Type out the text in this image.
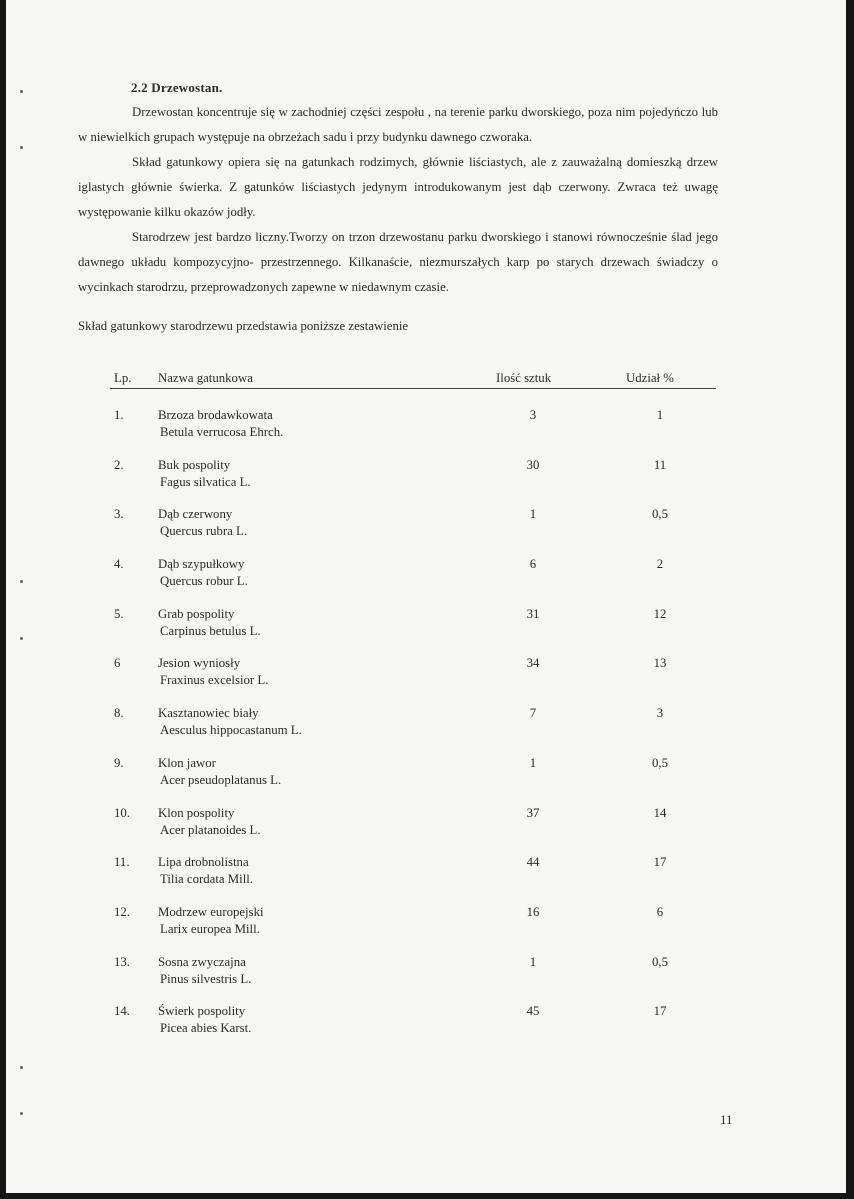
2.2 Drzewostan.

Drzewostan koncentruje się w zachodniej części zespołu , na terenie parku dworskiego, poza nim pojedyńczo lub w niewielkich grupach występuje na obrzeżach sadu i przy budynku dawnego czworaka.

Skład gatunkowy opiera się na gatunkach rodzimych, głównie liściastych, ale z zauważalną domieszką drzew iglastych głównie świerka. Z gatunków liściastych jedynym introdukowanym jest dąb czerwony. Zwraca też uwagę występowanie kilku okazów jodły.

Starodrzew jest bardzo liczny.Tworzy on trzon drzewostanu parku dworskiego i stanowi równocześnie ślad jego dawnego układu kompozycyjno- przestrzennego. Kilkanaście, niezmurszałych karp po starych drzewach świadczy o wycinkach starodrzu, przeprowadzonych zapewne w niedawnym czasie.

Skład gatunkowy starodrzewu przedstawia poniższe zestawienie
Lp. Nazwa gatunkowa	Ilość sztuk	Udział %
1.	Brzoza brodawkowata
Betula verrucosa Ehrch.
3	1
2.	Buk pospolity
Fagus silvatica L.
30	11
3.	Dąb czerwony
Quercus rubra L.
1	0,5
4.	Dąb szypułkowy
Quercus robur L.
6	2
5.	Grab pospolity
Carpinus betulus L.
31	12
6	Jesion wyniosły
Fraxinus excelsior L.
34	13
8.	Kasztanowiec biały
Aesculus hippocastanum L.
7	3
9.	Klon jawor
Acer pseudoplatanus L.
1	0,5
10. Klon pospolity
Acer platanoides L.
37	14
11. Lipa drobnolistna
Tilia cordata Mill.
44	17
12. Modrzew europejski
Larix europea Mill.
16	6
13. Sosna zwyczajna
Pinus silvestris L.
1	0,5
14. Świerk pospolity
Picea abies Karst.
45	17
11
